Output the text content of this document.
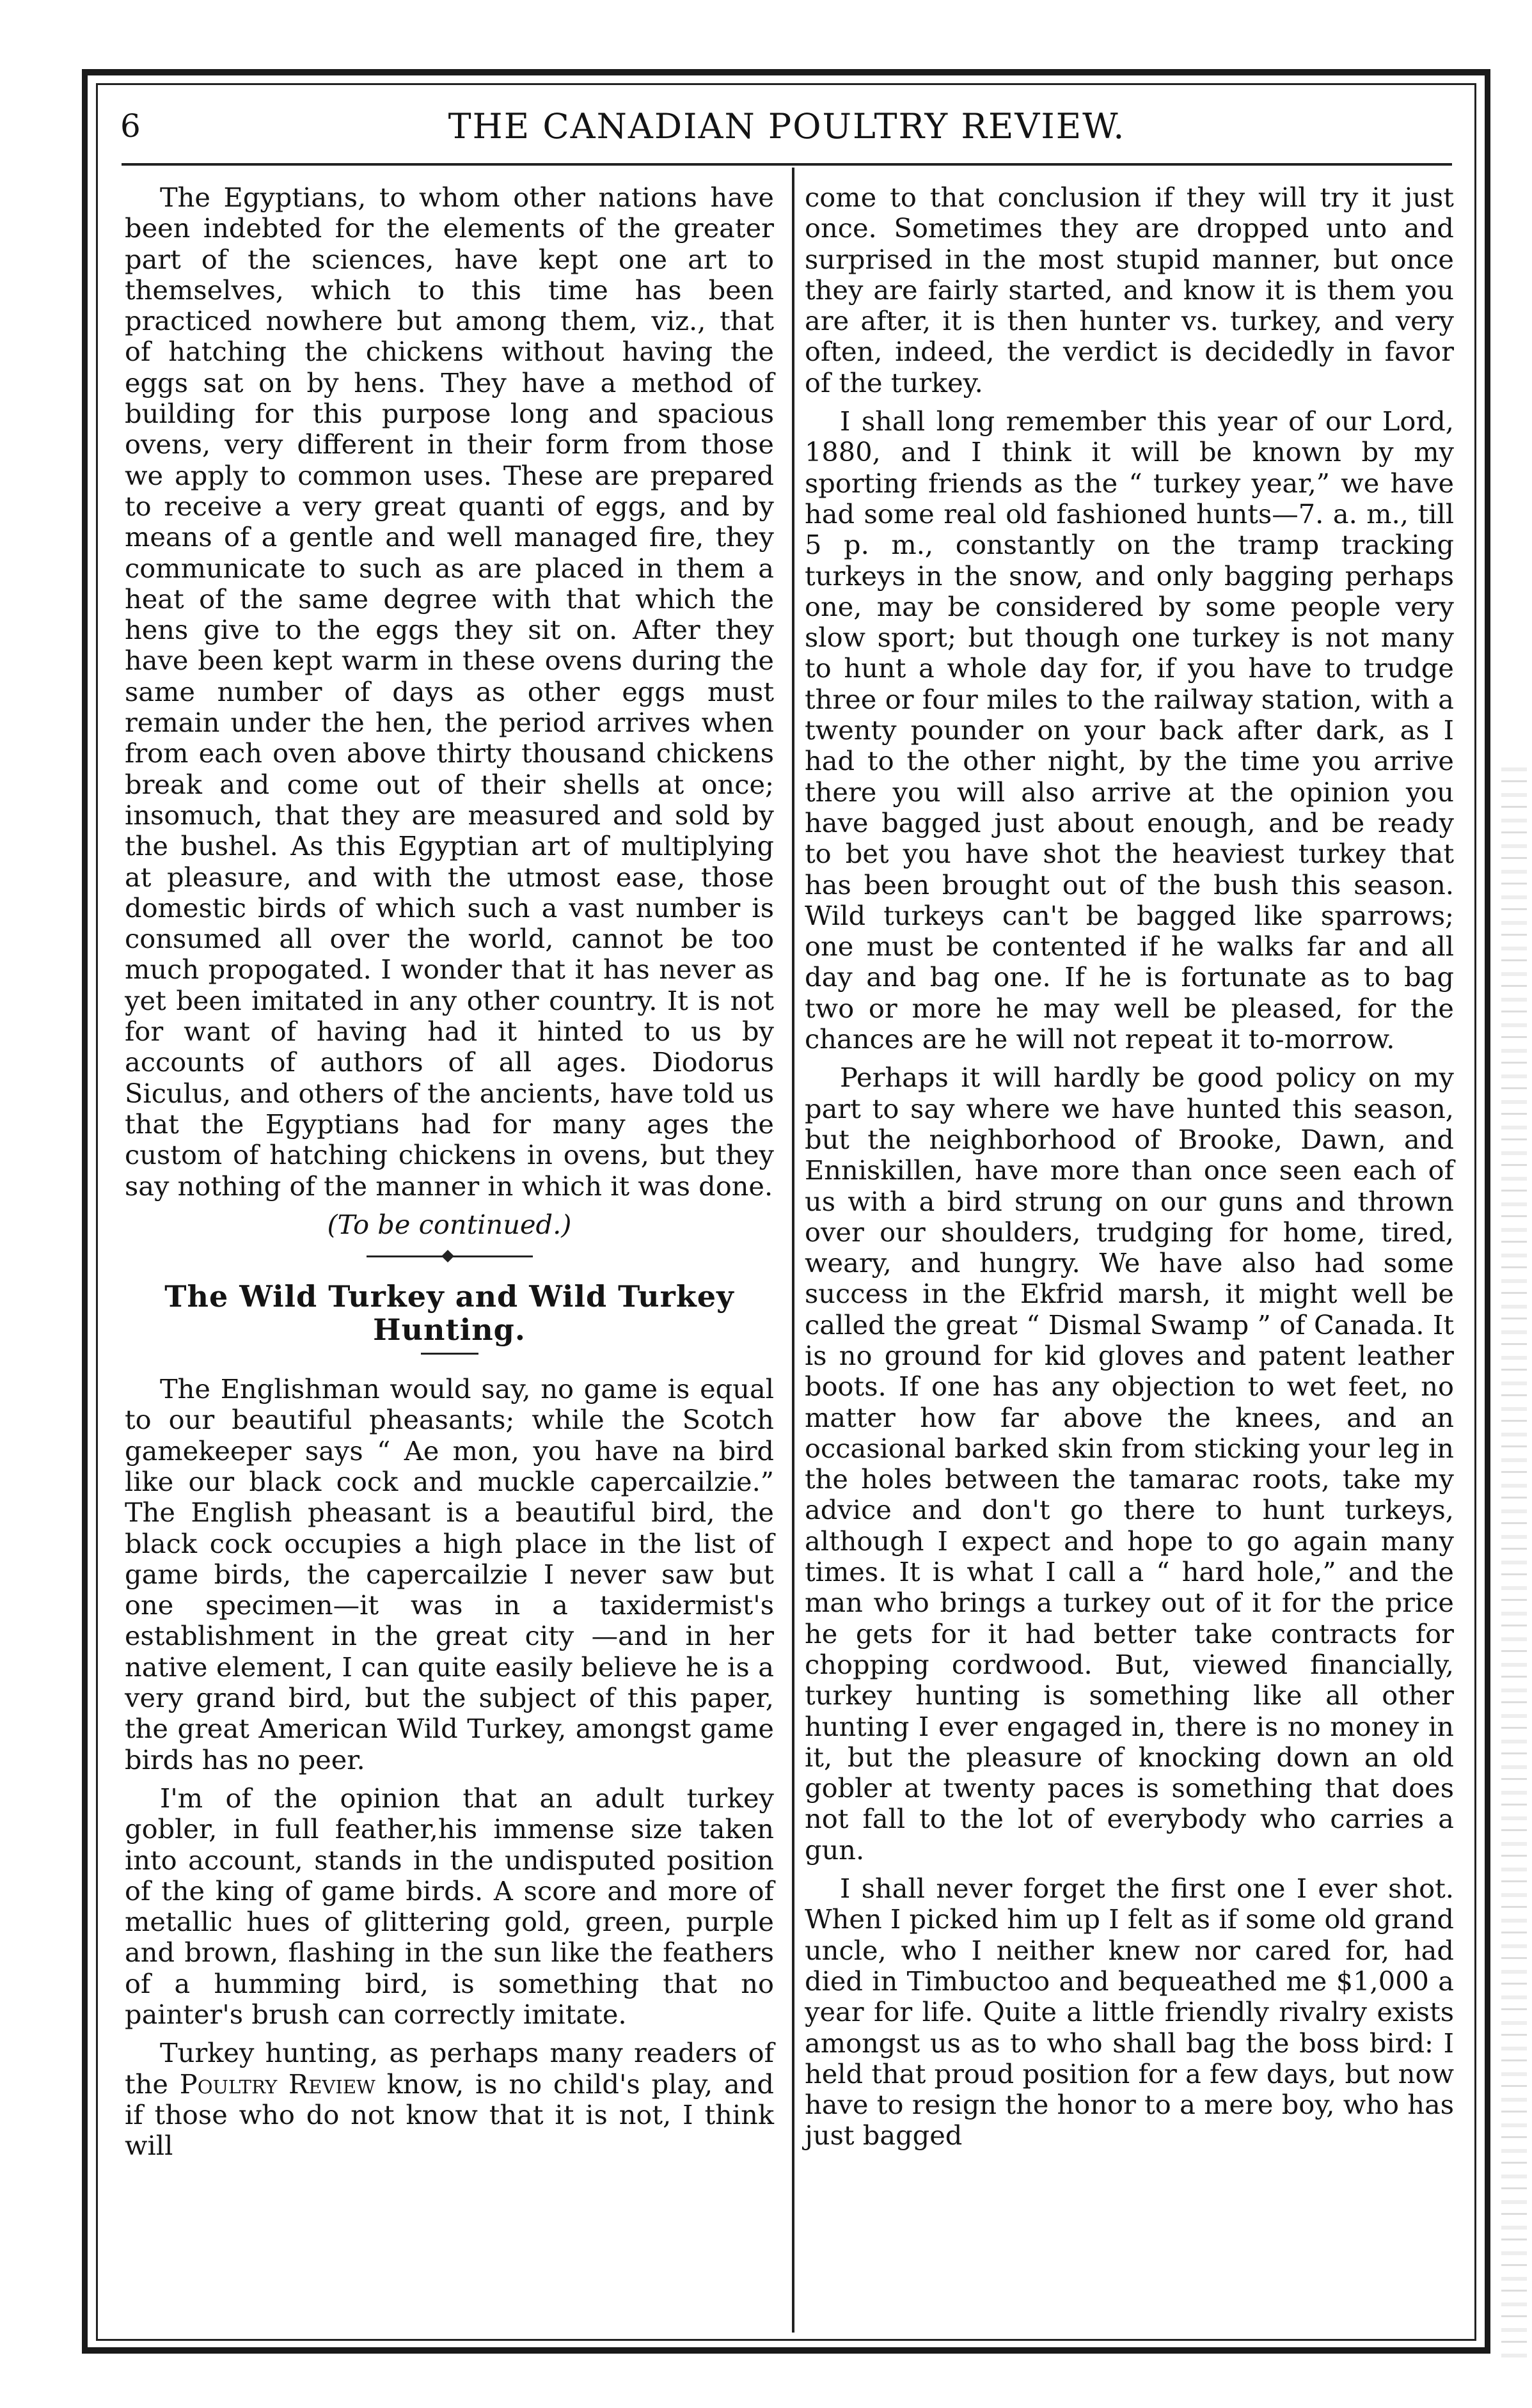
6	THE CANADIAN POULTRY REVIEW.

The Egyptians, to whom other nations have been indebted for the elements of the greater part of the sciences, have kept one art to themselves, which to this time has been practiced nowhere but among them, viz., that of hatching the chickens without having the eggs sat on by hens. They have a method of building for this purpose long and spacious ovens, very different in their form from those we apply to common uses. These are prepared to receive a very great quanti of eggs, and by means of a gentle and well managed fire, they communicate to such as are placed in them a heat of the same degree with that which the hens give to the eggs they sit on. After they have been kept warm in these ovens during the same number of days as other eggs must remain under the hen, the period arrives when from each oven above thirty thousand chickens break and come out of their shells at once; insomuch, that they are measured and sold by the bushel. As this Egyptian art of multiplying at pleasure, and with the utmost ease, those domestic birds of which such a vast number is consumed all over the world, cannot be too much propogated. I wonder that it has never as yet been imitated in any other country. It is not for want of having had it hinted to us by accounts of authors of all ages. Diodorus Siculus, and others of the ancients, have told us that the Egyptians had for many ages the custom of hatching chickens in ovens, but they say nothing of the manner in which it was done.

(To be continued.)
The Wild Turkey and Wild Turkey
Hunting.

The Englishman would say, no game is equal to our beautiful pheasants; while the Scotch gamekeeper says “ Ae mon, you have na bird like our black cock and muckle capercailzie.” The English pheasant is a beautiful bird, the black cock occupies a high place in the list of game birds, the capercailzie I never saw but one specimen—it was in a taxidermist's establishment in the great city —and in her native element, I can quite easily believe he is a very grand bird, but the subject of this paper, the great American Wild Turkey, amongst game birds has no peer.

I'm of the opinion that an adult turkey gobler, in full feather,his immense size taken into account, stands in the undisputed position of the king of game birds. A score and more of metallic hues of glittering gold, green, purple and brown, flashing in the sun like the feathers of a humming bird, is something that no painter's brush can correctly imitate.

Turkey hunting, as perhaps many readers of the Poultry Review know, is no child's play, and if those who do not know that it is not, I think will

come to that conclusion if they will try it just once. Sometimes they are dropped unto and surprised in the most stupid manner, but once they are fairly started, and know it is them you are after, it is then hunter vs. turkey, and very often, indeed, the verdict is decidedly in favor of the turkey.

I shall long remember this year of our Lord, 1880, and I think it will be known by my sporting friends as the “ turkey year,” we have had some real old fashioned hunts—7. a. m., till 5 p. m., constantly on the tramp tracking turkeys in the snow, and only bagging perhaps one, may be considered by some people very slow sport; but though one turkey is not many to hunt a whole day for, if you have to trudge three or four miles to the railway station, with a twenty pounder on your back after dark, as I had to the other night, by the time you arrive there you will also arrive at the opinion you have bagged just about enough, and be ready to bet you have shot the heaviest turkey that has been brought out of the bush this season. Wild turkeys can't be bagged like sparrows; one must be contented if he walks far and all day and bag one. If he is fortunate as to bag two or more he may well be pleased, for the chances are he will not repeat it to-morrow.

Perhaps it will hardly be good policy on my part to say where we have hunted this season, but the neighborhood of Brooke, Dawn, and Enniskillen, have more than once seen each of us with a bird strung on our guns and thrown over our shoulders, trudging for home, tired, weary, and hungry. We have also had some success in the Ekfrid marsh, it might well be called the great “ Dismal Swamp ” of Canada. It is no ground for kid gloves and patent leather boots. If one has any objection to wet feet, no matter how far above the knees, and an occasional barked skin from sticking your leg in the holes between the tamarac roots, take my advice and don't go there to hunt turkeys, although I expect and hope to go again many times. It is what I call a “ hard hole,” and the man who brings a turkey out of it for the price he gets for it had better take contracts for chopping cordwood. But, viewed financially, turkey hunting is something like all other hunting I ever engaged in, there is no money in it, but the pleasure of knocking down an old gobler at twenty paces is something that does not fall to the lot of everybody who carries a gun.

I shall never forget the first one I ever shot. When I picked him up I felt as if some old grand uncle, who I neither knew nor cared for, had died in Timbuctoo and bequeathed me $1,000 a year for life. Quite a little friendly rivalry exists amongst us as to who shall bag the boss bird: I held that proud position for a few days, but now have to resign the honor to a mere boy, who has just bagged
